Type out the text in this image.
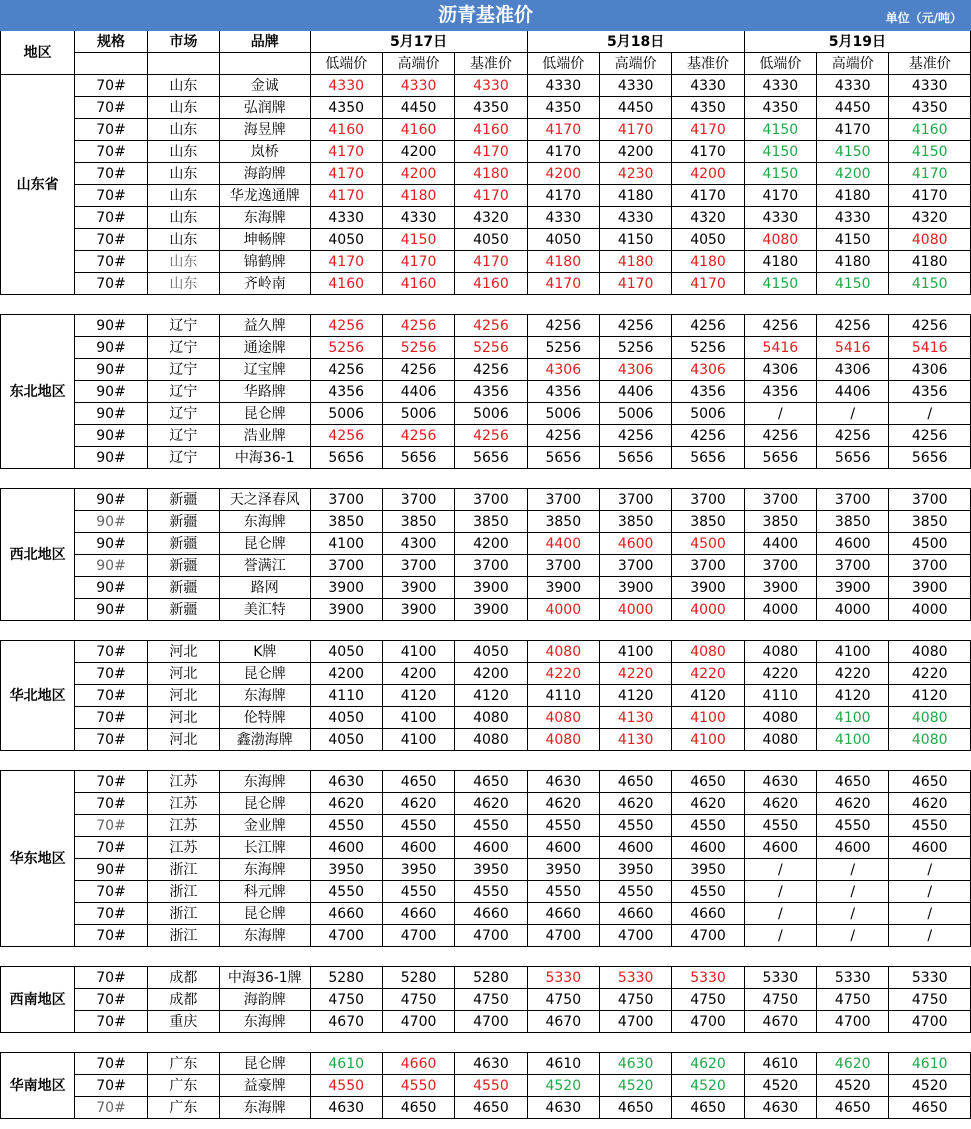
沥青基准价 单位（元/吨）												

地区	规格	市场	品牌	5月17日			5月18日			5月19日		
				低端价	高端价	基准价	低端价	高端价	基准价	低端价	高端价	基准价
山东省	70#	山东	金诚	4330	4330	4330	4330	4330	4330	4330	4330	4330
	70#	山东	弘润牌	4350	4450	4350	4350	4450	4350	4350	4450	4350
	70#	山东	海昱牌	4160	4160	4160	4170	4170	4170	4150	4170	4160
	70#	山东	岚桥	4170	4200	4170	4170	4200	4170	4150	4150	4150
	70#	山东	海韵牌	4170	4200	4180	4200	4230	4200	4150	4200	4170
	70#	山东	华龙逸通牌	4170	4180	4170	4170	4180	4170	4170	4180	4170
	70#	山东	东海牌	4330	4330	4320	4330	4330	4320	4330	4330	4320
	70#	山东	坤畅牌	4050	4150	4050	4050	4150	4050	4080	4150	4080
	70#	山东	锦鹤牌	4170	4170	4170	4180	4180	4180	4180	4180	4180
	70#	山东	齐岭南	4160	4160	4160	4170	4170	4170	4150	4150	4150

东北地区	90#	辽宁	益久牌	4256	4256	4256	4256	4256	4256	4256	4256	4256
	90#	辽宁	通途牌	5256	5256	5256	5256	5256	5256	5416	5416	5416
	90#	辽宁	辽宝牌	4256	4256	4256	4306	4306	4306	4306	4306	4306
	90#	辽宁	华路牌	4356	4406	4356	4356	4406	4356	4356	4406	4356
	90#	辽宁	昆仑牌	5006	5006	5006	5006	5006	5006	/	/	/
	90#	辽宁	浩业牌	4256	4256	4256	4256	4256	4256	4256	4256	4256
	90#	辽宁	中海36-1	5656	5656	5656	5656	5656	5656	5656	5656	5656

西北地区	90#	新疆	天之泽春风	3700	3700	3700	3700	3700	3700	3700	3700	3700
	90#	新疆	东海牌	3850	3850	3850	3850	3850	3850	3850	3850	3850
	90#	新疆	昆仑牌	4100	4300	4200	4400	4600	4500	4400	4600	4500
	90#	新疆	誉满江	3700	3700	3700	3700	3700	3700	3700	3700	3700
	90#	新疆	路网	3900	3900	3900	3900	3900	3900	3900	3900	3900
	90#	新疆	美汇特	3900	3900	3900	4000	4000	4000	4000	4000	4000

华北地区	70#	河北	K牌	4050	4100	4050	4080	4100	4080	4080	4100	4080
	70#	河北	昆仑牌	4200	4200	4200	4220	4220	4220	4220	4220	4220
	70#	河北	东海牌	4110	4120	4120	4110	4120	4120	4110	4120	4120
	70#	河北	伦特牌	4050	4100	4080	4080	4130	4100	4080	4100	4080
	70#	河北	鑫渤海牌	4050	4100	4080	4080	4130	4100	4080	4100	4080

华东地区	70#	江苏	东海牌	4630	4650	4650	4630	4650	4650	4630	4650	4650
	70#	江苏	昆仑牌	4620	4620	4620	4620	4620	4620	4620	4620	4620
	70#	江苏	金业牌	4550	4550	4550	4550	4550	4550	4550	4550	4550
	70#	江苏	长江牌	4600	4600	4600	4600	4600	4600	4600	4600	4600
	90#	浙江	东海牌	3950	3950	3950	3950	3950	3950	/	/	/
	70#	浙江	科元牌	4550	4550	4550	4550	4550	4550	/	/	/
	70#	浙江	昆仑牌	4660	4660	4660	4660	4660	4660	/	/	/
	70#	浙江	东海牌	4700	4700	4700	4700	4700	4700	/	/	/

西南地区	70#	成都	中海36-1牌	5280	5280	5280	5330	5330	5330	5330	5330	5330
	70#	成都	海韵牌	4750	4750	4750	4750	4750	4750	4750	4750	4750
	70#	重庆	东海牌	4670	4700	4700	4670	4700	4700	4670	4700	4700

华南地区	70#	广东	昆仑牌	4610	4660	4630	4610	4630	4620	4610	4620	4610
	70#	广东	益豪牌	4550	4550	4550	4520	4520	4520	4520	4520	4520
	70#	广东	东海牌	4630	4650	4650	4630	4650	4650	4630	4650	4650
